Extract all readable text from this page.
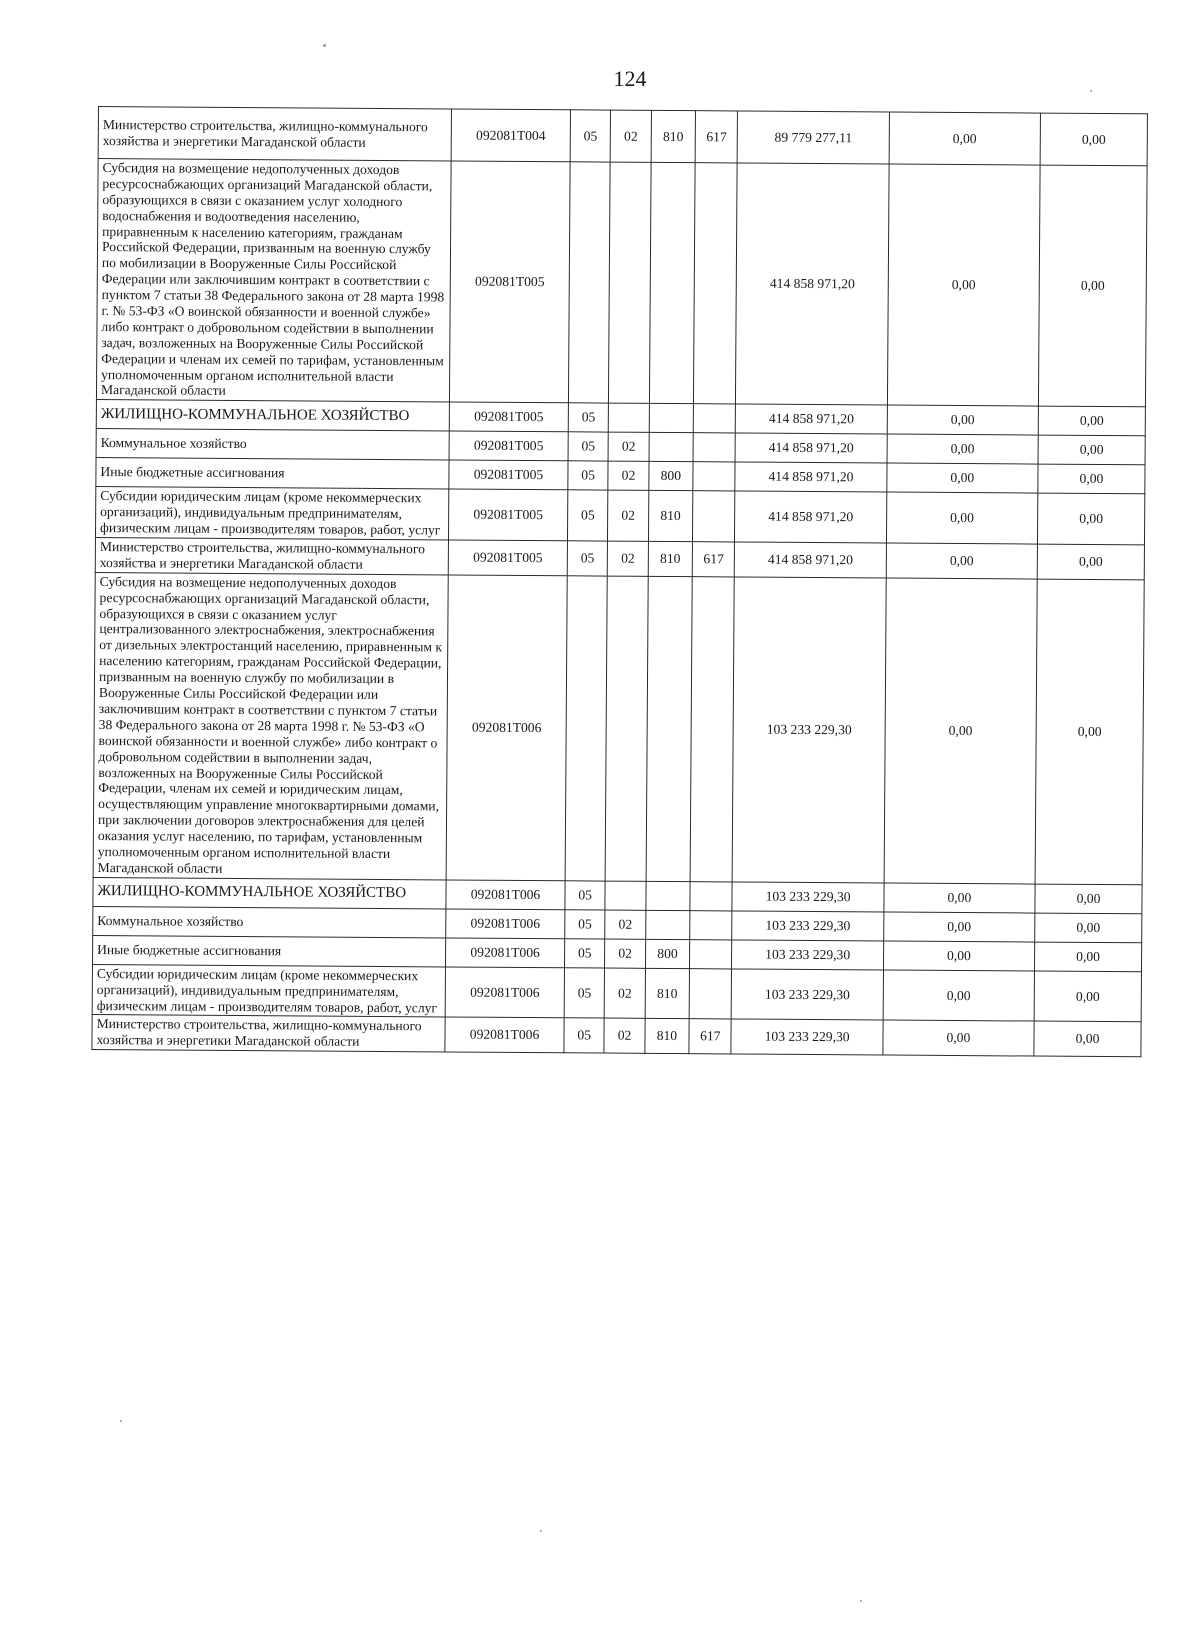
124
Министерство строительства, жилищно-коммунального хозяйства и энергетики Магаданской области	092081Т004	05	02	810	617	89 779 277,11	0,00	0,00
Субсидия на возмещение недополученных доходов ресурсоснабжающих организаций Магаданской области, образующихся в связи с оказанием услуг холодного водоснабжения и водоотведения населению, приравненным к населению категориям, гражданам Российской Федерации, призванным на военную службу по мобилизации в Вооруженные Силы Российской Федерации или заключившим контракт в соответствии с пунктом 7 статьи 38 Федерального закона от 28 марта 1998 г. № 53-ФЗ «О воинской обязанности и военной службе» либо контракт о добровольном содействии в выполнении задач, возложенных на Вооруженные Силы Российской Федерации и членам их семей по тарифам, установленным уполномоченным органом исполнительной власти Магаданской области	092081Т005					414 858 971,20	0,00	0,00
ЖИЛИЩНО-КОММУНАЛЬНОЕ ХОЗЯЙСТВО	092081Т005	05				414 858 971,20	0,00	0,00
Коммунальное хозяйство	092081Т005	05	02			414 858 971,20	0,00	0,00
Иные бюджетные ассигнования	092081Т005	05	02	800		414 858 971,20	0,00	0,00
Субсидии юридическим лицам (кроме некоммерческих организаций), индивидуальным предпринимателям, физическим лицам - производителям товаров, работ, услуг	092081Т005	05	02	810		414 858 971,20	0,00	0,00
Министерство строительства, жилищно-коммунального хозяйства и энергетики Магаданской области	092081Т005	05	02	810	617	414 858 971,20	0,00	0,00
Субсидия на возмещение недополученных доходов ресурсоснабжающих организаций Магаданской области, образующихся в связи с оказанием услуг централизованного электроснабжения, электроснабжения от дизельных электростанций населению, приравненным к населению категориям, гражданам Российской Федерации, призванным на военную службу по мобилизации в Вооруженные Силы Российской Федерации или заключившим контракт в соответствии с пунктом 7 статьи 38 Федерального закона от 28 марта 1998 г. № 53-ФЗ «О воинской обязанности и военной службе» либо контракт о добровольном содействии в выполнении задач, возложенных на Вооруженные Силы Российской Федерации, членам их семей и юридическим лицам, осуществляющим управление многоквартирными домами, при заключении договоров электроснабжения для целей оказания услуг населению, по тарифам, установленным уполномоченным органом исполнительной власти Магаданской области	092081Т006					103 233 229,30	0,00	0,00
ЖИЛИЩНО-КОММУНАЛЬНОЕ ХОЗЯЙСТВО	092081Т006	05				103 233 229,30	0,00	0,00
Коммунальное хозяйство	092081Т006	05	02			103 233 229,30	0,00	0,00
Иные бюджетные ассигнования	092081Т006	05	02	800		103 233 229,30	0,00	0,00
Субсидии юридическим лицам (кроме некоммерческих организаций), индивидуальным предпринимателям, физическим лицам - производителям товаров, работ, услуг	092081Т006	05	02	810		103 233 229,30	0,00	0,00
Министерство строительства, жилищно-коммунального хозяйства и энергетики Магаданской области	092081Т006	05	02	810	617	103 233 229,30	0,00	0,00
